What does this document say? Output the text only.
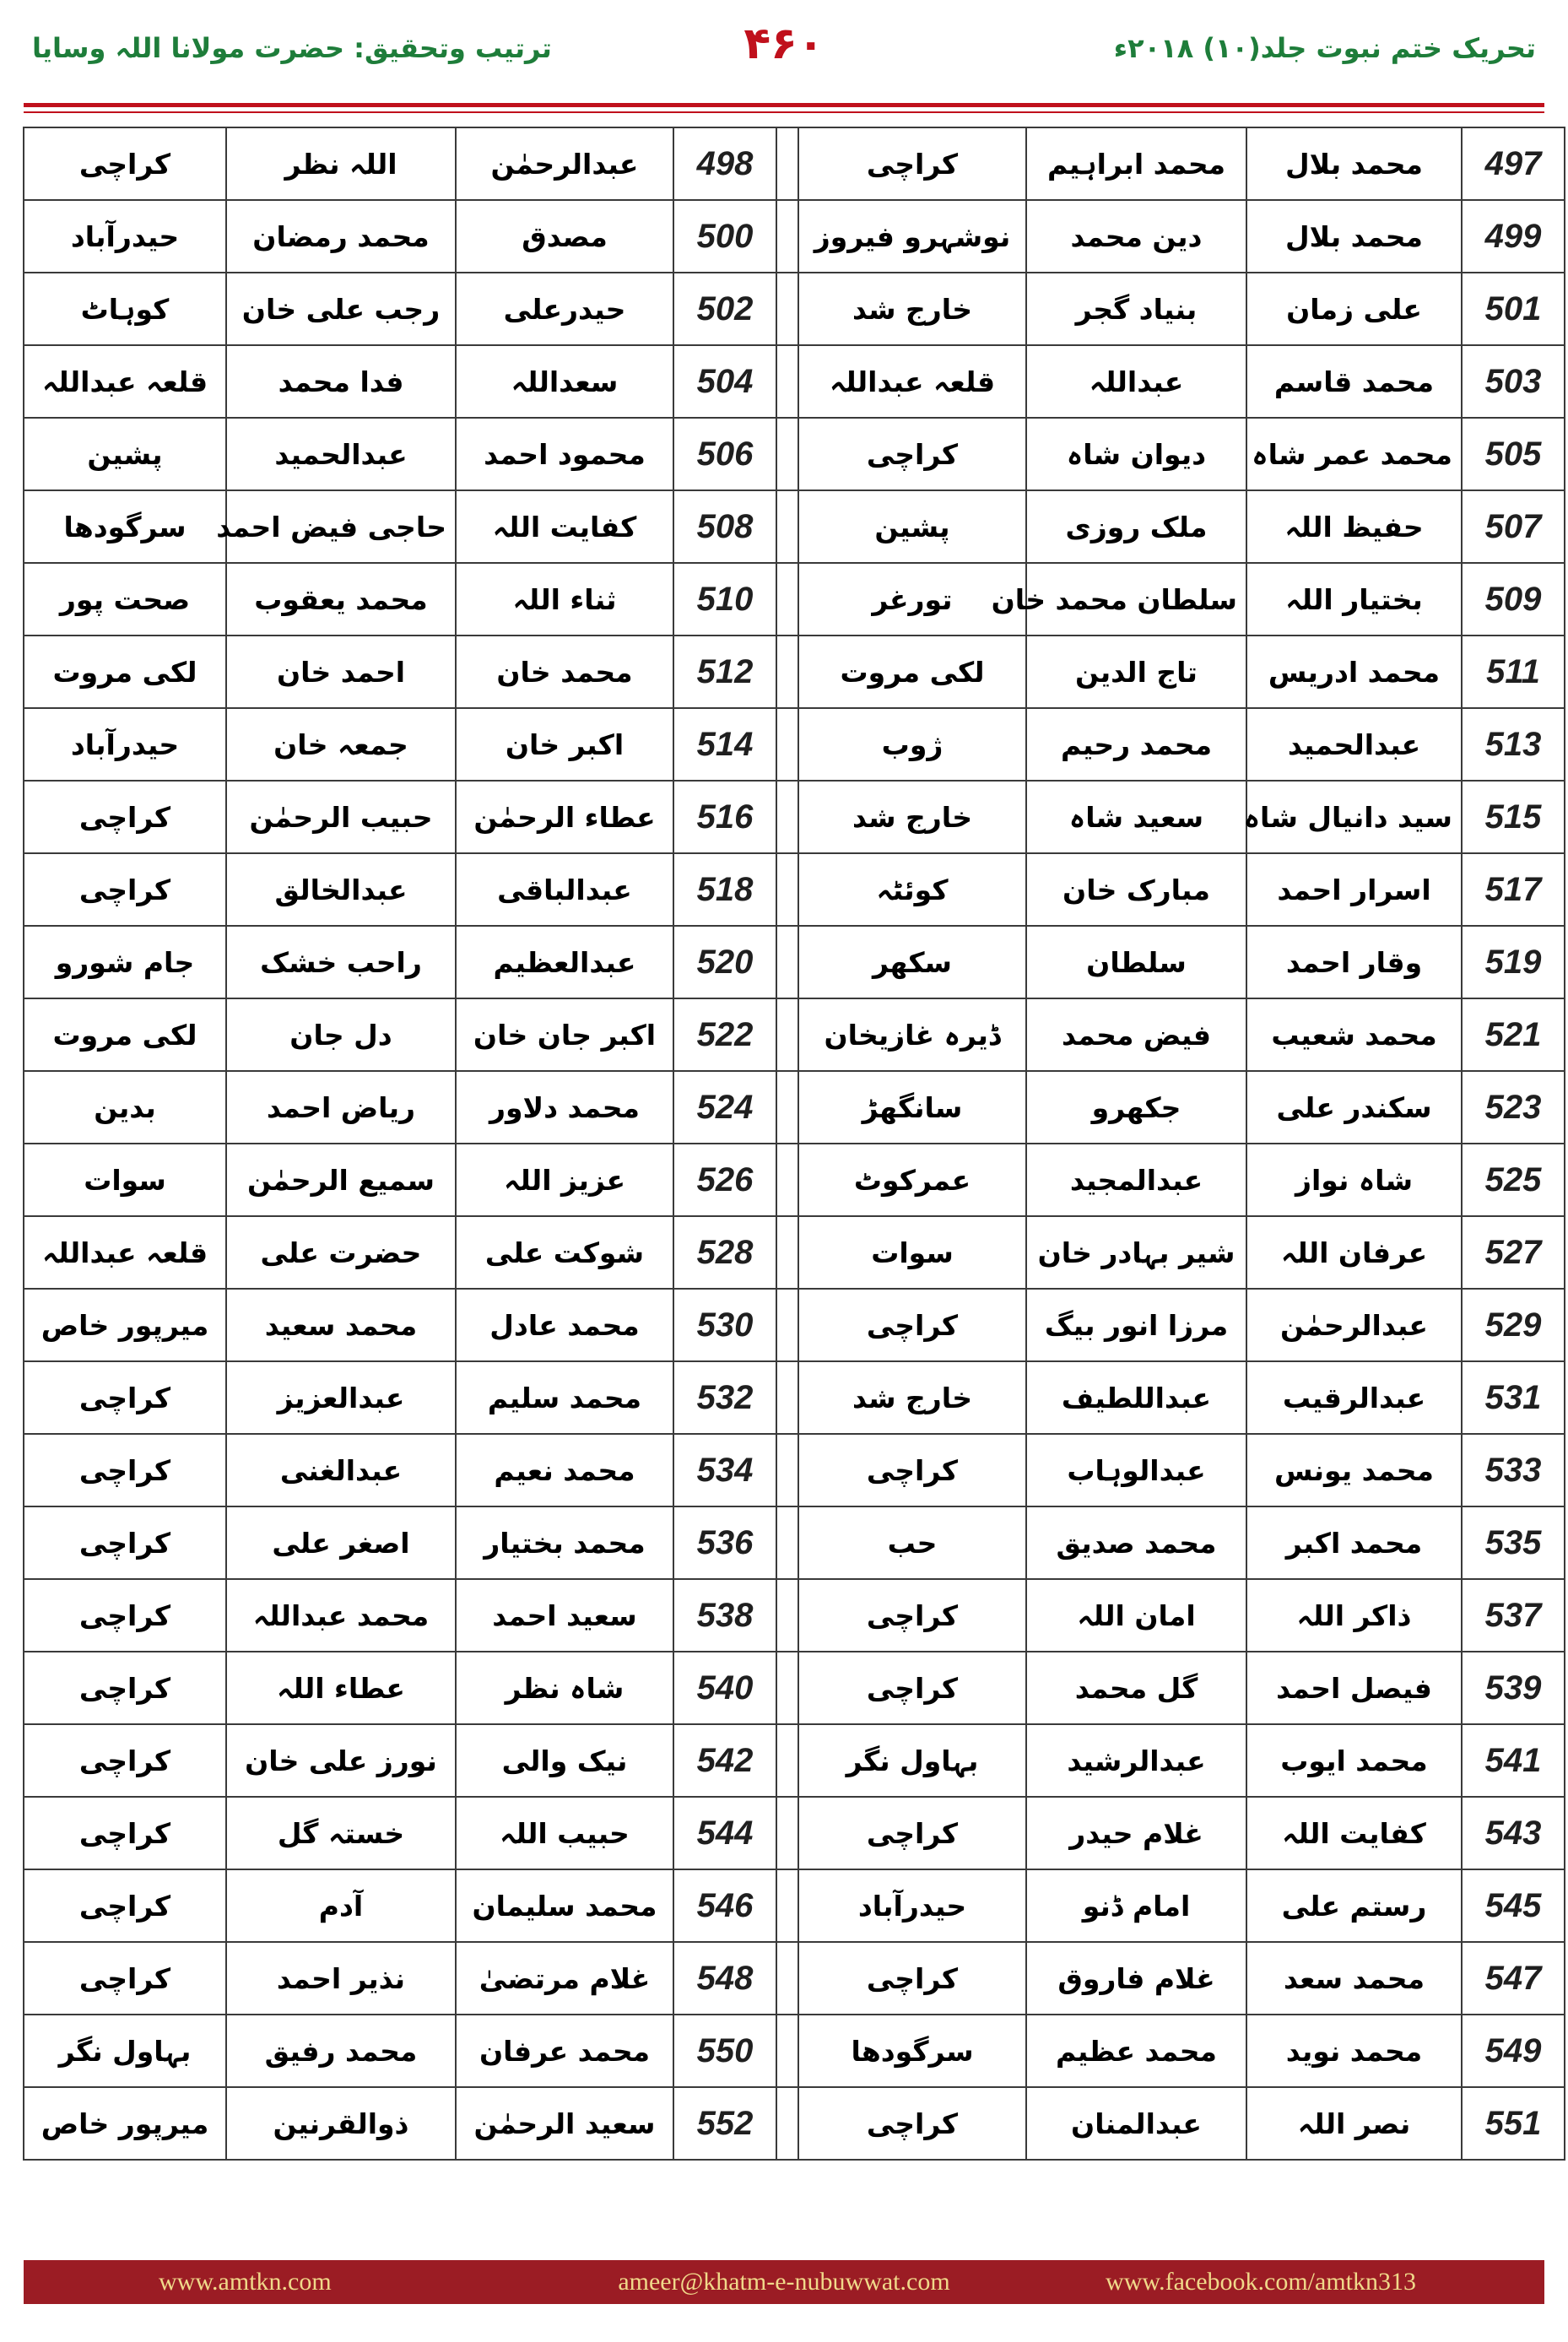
تحریک ختم نبوت جلد(۱۰) ۲۰۱۸ء
۴۶۰
ترتیب وتحقیق: حضرت مولانا اللہ وسایا
کراچی	اللہ نظر	عبدالرحمٰن	498		کراچی	محمد ابراہیم	محمد بلال	497
حیدرآباد	محمد رمضان	مصدق	500		نوشہرو فیروز	دین محمد	محمد بلال	499
کوہاٹ	رجب علی خان	حیدرعلی	502		خارج شد	بنیاد گجر	علی زمان	501
قلعہ عبداللہ	فدا محمد	سعداللہ	504		قلعہ عبداللہ	عبداللہ	محمد قاسم	503
پشین	عبدالحمید	محمود احمد	506		کراچی	دیوان شاہ	محمد عمر شاہ	505
سرگودھا	حاجی فیض احمد	کفایت اللہ	508		پشین	ملک روزی	حفیظ اللہ	507
صحت پور	محمد یعقوب	ثناء اللہ	510		تورغر	سلطان محمد خان	بختیار اللہ	509
لکی مروت	احمد خان	محمد خان	512		لکی مروت	تاج الدین	محمد ادریس	511
حیدرآباد	جمعہ خان	اکبر خان	514		ژوب	محمد رحیم	عبدالحمید	513
کراچی	حبیب الرحمٰن	عطاء الرحمٰن	516		خارج شد	سعید شاہ	سید دانیال شاہ	515
کراچی	عبدالخالق	عبدالباقی	518		کوئٹہ	مبارک خان	اسرار احمد	517
جام شورو	راحب خشک	عبدالعظیم	520		سکھر	سلطان	وقار احمد	519
لکی مروت	دل جان	اکبر جان خان	522		ڈیرہ غازیخان	فیض محمد	محمد شعیب	521
بدین	ریاض احمد	محمد دلاور	524		سانگھڑ	جکھرو	سکندر علی	523
سوات	سمیع الرحمٰن	عزیز اللہ	526		عمرکوٹ	عبدالمجید	شاہ نواز	525
قلعہ عبداللہ	حضرت علی	شوکت علی	528		سوات	شیر بہادر خان	عرفان اللہ	527
میرپور خاص	محمد سعید	محمد عادل	530		کراچی	مرزا انور بیگ	عبدالرحمٰن	529
کراچی	عبدالعزیز	محمد سلیم	532		خارج شد	عبداللطیف	عبدالرقیب	531
کراچی	عبدالغنی	محمد نعیم	534		کراچی	عبدالوہاب	محمد یونس	533
کراچی	اصغر علی	محمد بختیار	536		حب	محمد صدیق	محمد اکبر	535
کراچی	محمد عبداللہ	سعید احمد	538		کراچی	امان اللہ	ذاکر اللہ	537
کراچی	عطاء اللہ	شاہ نظر	540		کراچی	گل محمد	فیصل احمد	539
کراچی	نورز علی خان	نیک والی	542		بہاول نگر	عبدالرشید	محمد ایوب	541
کراچی	خستہ گل	حبیب اللہ	544		کراچی	غلام حیدر	کفایت اللہ	543
کراچی	آدم	محمد سلیمان	546		حیدرآباد	امام ڈنو	رستم علی	545
کراچی	نذیر احمد	غلام مرتضیٰ	548		کراچی	غلام فاروق	محمد سعد	547
بہاول نگر	محمد رفیق	محمد عرفان	550		سرگودھا	محمد عظیم	محمد نوید	549
میرپور خاص	ذوالقرنین	سعید الرحمٰن	552		کراچی	عبدالمنان	نصر اللہ	551
www.amtkn.com	ameer@khatm-e-nubuwwat.com	www.facebook.com/amtkn313
